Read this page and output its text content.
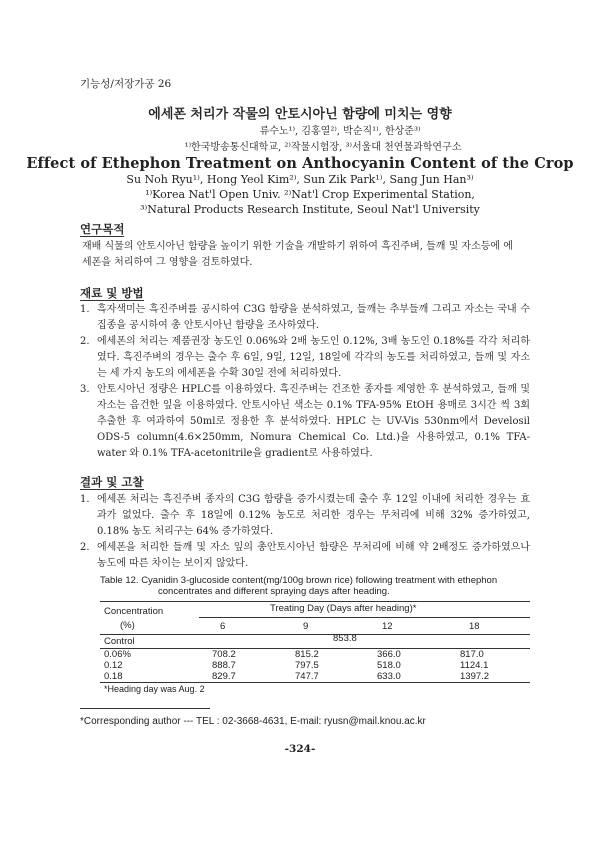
기능성/저장가공 26
에세폰 처리가 작물의 안토시아닌 함량에 미치는 영향
류수노¹⁾, 김홍열²⁾, 박순직¹⁾, 한상준³⁾
¹⁾한국방송통신대학교, ²⁾작물시험장, ³⁾서울대 천연물과학연구소
Effect of Ethephon Treatment on Anthocyanin Content of the Crop
Su Noh Ryu¹⁾, Hong Yeol Kim²⁾, Sun Zik Park¹⁾, Sang Jun Han³⁾
¹⁾Korea Nat'l Open Univ. ²⁾Nat'l Crop Experimental Station,
³⁾Natural Products Research Institute, Seoul Nat'l University
연구목적
재배 식물의 안토시아닌 함량을 높이기 위한 기술을 개발하기 위하여 흑진주벼, 들깨 및 자소등에 에세폰을 처리하여 그 영향을 검토하였다.
재료 및 방법
1. 흑자색미는 흑진주벼를 공시하여 C3G 함량을 분석하였고, 들깨는 추부들깨 그리고 자소는 국내 수집종을 공시하여 총 안토시아닌 함량을 조사하였다.
2. 에세폰의 처리는 제품권장 농도인 0.06%와 2배 농도인 0.12%, 3배 농도인 0.18%를 각각 처리하였다. 흑진주벼의 경우는 출수 후 6일, 9일, 12일, 18일에 각각의 농도를 처리하였고, 들깨 및 자소는 세 가지 농도의 에세폰을 수확 30일 전에 처리하였다.
3. 안토시아닌 정량은 HPLC를 이용하였다. 흑진주벼는 건조한 종자를 제영한 후 분석하였고, 들깨 및 자소는 음건한 잎을 이용하였다. 안토시아닌 색소는 0.1% TFA-95% EtOH 용매로 3시간 씩 3회 추출한 후 여과하여 50ml로 정용한 후 분석하였다. HPLC 는 UV-Vis 530nm에서 Develosil ODS-5 column(4.6×250mm, Nomura Chemical Co. Ltd.)을 사용하였고, 0.1% TFA-water 와 0.1% TFA-acetonitrile을 gradient로 사용하였다.
결과 및 고찰
1. 에세폰 처리는 흑진주벼 종자의 C3G 함량을 증가시켰는데 출수 후 12일 이내에 처리한 경우는 효과가 없었다. 출수 후 18일에 0.12% 농도로 처리한 경우는 무처리에 비해 32% 증가하였고, 0.18% 농도 처리구는 64% 증가하였다.
2. 에세폰을 처리한 들깨 및 자소 잎의 총안토시아닌 함량은 무처리에 비해 약 2배정도 증가하였으나 농도에 따른 차이는 보이지 않았다.
Table 12. Cyanidin 3-glucoside content(mg/100g brown rice) following treatment with ethephon
concentrates and different spraying days after heading.
Concentration
(%)
Treating Day (Days after heading)*
6	9	12	18
Control	853.8
0.06%	708.2	815.2	366.0	817.0
0.12	888.7	797.5	518.0	1124.1
0.18	829.7	747.7	633.0	1397.2
*Heading day was Aug. 2
*Corresponding author --- TEL : 02-3668-4631, E-mail: ryusn@mail.knou.ac.kr
-324-
